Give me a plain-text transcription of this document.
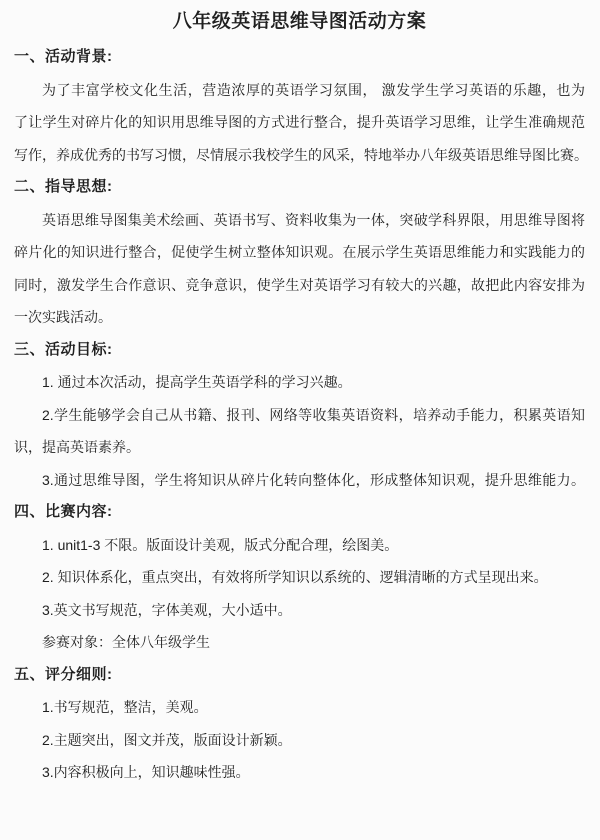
八年级英语思维导图活动方案
一、活动背景:
为了丰富学校文化生活，营造浓厚的英语学习氛围， 激发学生学习英语的乐趣，也为
了让学生对碎片化的知识用思维导图的方式进行整合，提升英语学习思维，让学生准确规范
写作，养成优秀的书写习惯，尽情展示我校学生的风采，特地举办八年级英语思维导图比赛。
二、指导思想:
英语思维导图集美术绘画、英语书写、资料收集为一体，突破学科界限，用思维导图将
碎片化的知识进行整合，促使学生树立整体知识观。在展示学生英语思维能力和实践能力的
同时，激发学生合作意识、竞争意识，使学生对英语学习有较大的兴趣，故把此内容安排为
一次实践活动。
三、活动目标:
1. 通过本次活动，提高学生英语学科的学习兴趣。
2.学生能够学会自己从书籍、报刊、网络等收集英语资料，培养动手能力，积累英语知
识，提高英语素养。
3.通过思维导图，学生将知识从碎片化转向整体化，形成整体知识观，提升思维能力。
四、比赛内容:
1. unit1-3 不限。版面设计美观，版式分配合理，绘图美。
2. 知识体系化，重点突出，有效将所学知识以系统的、逻辑清晰的方式呈现出来。
3.英文书写规范，字体美观，大小适中。
参赛对象：全体八年级学生
五、评分细则:
1.书写规范，整洁，美观。
2.主题突出，图文并茂，版面设计新颖。
3.内容积极向上，知识趣味性强。
